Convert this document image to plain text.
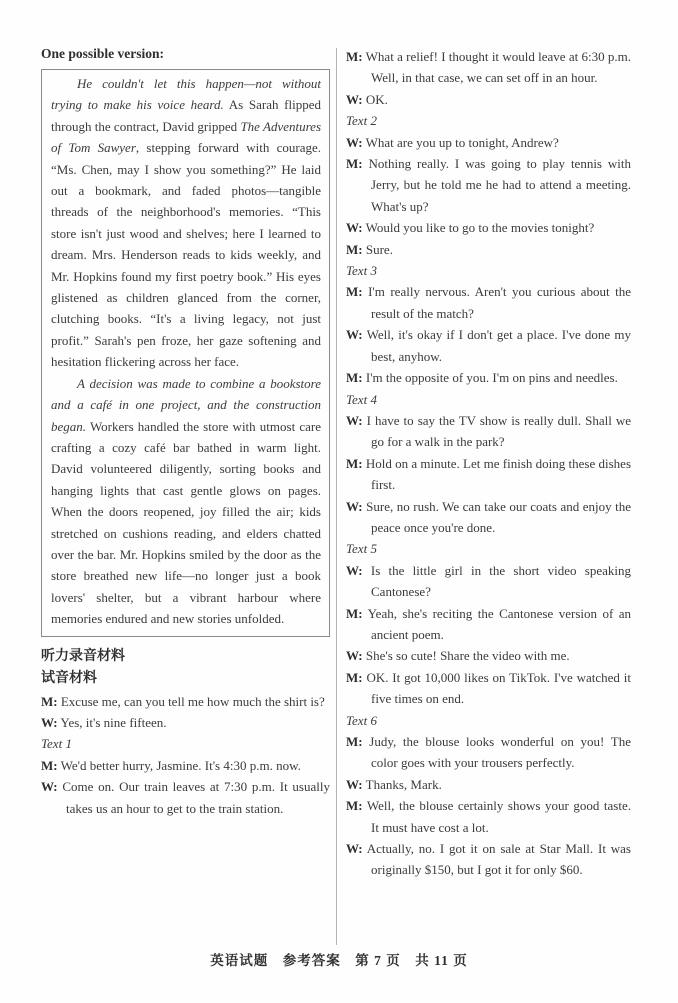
One possible version:

He couldn't let this happen—not without trying to make his voice heard. As Sarah flipped through the contract, David gripped The Adventures of Tom Sawyer, stepping forward with courage. “Ms. Chen, may I show you something?” He laid out a bookmark, and faded photos—tangible threads of the neighborhood's memories. “This store isn't just wood and shelves; here I learned to dream. Mrs. Henderson reads to kids weekly, and Mr. Hopkins found my first poetry book.” His eyes glistened as children glanced from the corner, clutching books. “It's a living legacy, not just profit.” Sarah's pen froze, her gaze softening and hesitation flickering across her face.

A decision was made to combine a bookstore and a café in one project, and the construction began. Workers handled the store with utmost care crafting a cozy café bar bathed in warm light. David volunteered diligently, sorting books and hanging lights that cast gentle glows on pages. When the doors reopened, joy filled the air; kids stretched on cushions reading, and elders chatted over the bar. Mr. Hopkins smiled by the door as the store breathed new life—no longer just a book lovers' shelter, but a vibrant harbour where memories endured and new stories unfolded.

听力录音材料

试音材料

M: Excuse me, can you tell me how much the shirt is?
W: Yes, it's nine fifteen.
Text 1
M: We'd better hurry, Jasmine. It's 4:30 p.m. now.
W: Come on. Our train leaves at 7:30 p.m. It usually takes us an hour to get to the train station.
M: What a relief! I thought it would leave at 6:30 p.m. Well, in that case, we can set off in an hour.
W: OK.
Text 2
W: What are you up to tonight, Andrew?
M: Nothing really. I was going to play tennis with Jerry, but he told me he had to attend a meeting. What's up?
W: Would you like to go to the movies tonight?
M: Sure.
Text 3
M: I'm really nervous. Aren't you curious about the result of the match?
W: Well, it's okay if I don't get a place. I've done my best, anyhow.
M: I'm the opposite of you. I'm on pins and needles.
Text 4
W: I have to say the TV show is really dull. Shall we go for a walk in the park?
M: Hold on a minute. Let me finish doing these dishes first.
W: Sure, no rush. We can take our coats and enjoy the peace once you're done.
Text 5
W: Is the little girl in the short video speaking Cantonese?
M: Yeah, she's reciting the Cantonese version of an ancient poem.
W: She's so cute! Share the video with me.
M: OK. It got 10,000 likes on TikTok. I've watched it five times on end.
Text 6
M: Judy, the blouse looks wonderful on you! The color goes with your trousers perfectly.
W: Thanks, Mark.
M: Well, the blouse certainly shows your good taste. It must have cost a lot.
W: Actually, no. I got it on sale at Star Mall. It was originally $150, but I got it for only $60.
英语试题　参考答案　第 7 页　共 11 页
